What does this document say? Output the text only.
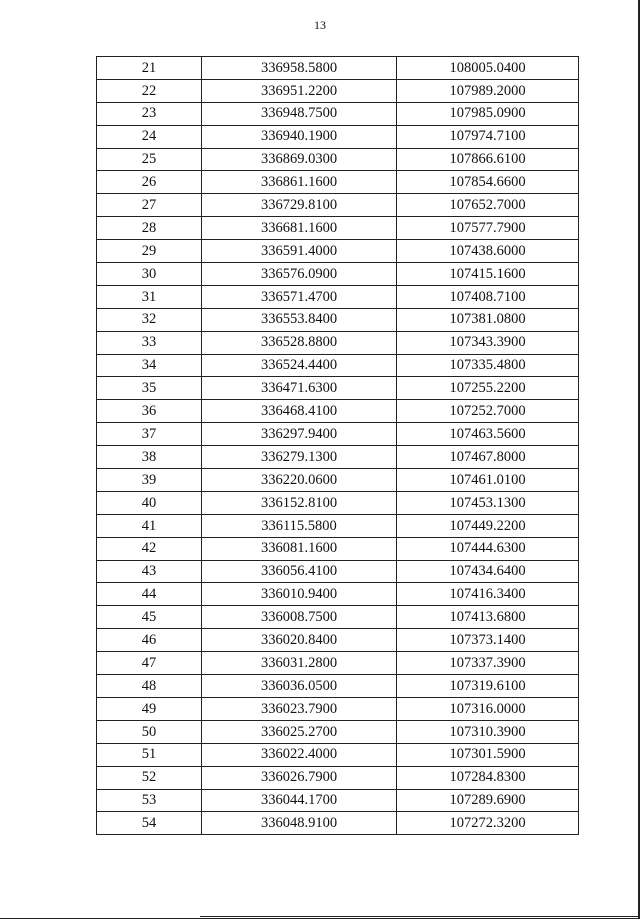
13
21	336958.5800	108005.0400
22	336951.2200	107989.2000
23	336948.7500	107985.0900
24	336940.1900	107974.7100
25	336869.0300	107866.6100
26	336861.1600	107854.6600
27	336729.8100	107652.7000
28	336681.1600	107577.7900
29	336591.4000	107438.6000
30	336576.0900	107415.1600
31	336571.4700	107408.7100
32	336553.8400	107381.0800
33	336528.8800	107343.3900
34	336524.4400	107335.4800
35	336471.6300	107255.2200
36	336468.4100	107252.7000
37	336297.9400	107463.5600
38	336279.1300	107467.8000
39	336220.0600	107461.0100
40	336152.8100	107453.1300
41	336115.5800	107449.2200
42	336081.1600	107444.6300
43	336056.4100	107434.6400
44	336010.9400	107416.3400
45	336008.7500	107413.6800
46	336020.8400	107373.1400
47	336031.2800	107337.3900
48	336036.0500	107319.6100
49	336023.7900	107316.0000
50	336025.2700	107310.3900
51	336022.4000	107301.5900
52	336026.7900	107284.8300
53	336044.1700	107289.6900
54	336048.9100	107272.3200
